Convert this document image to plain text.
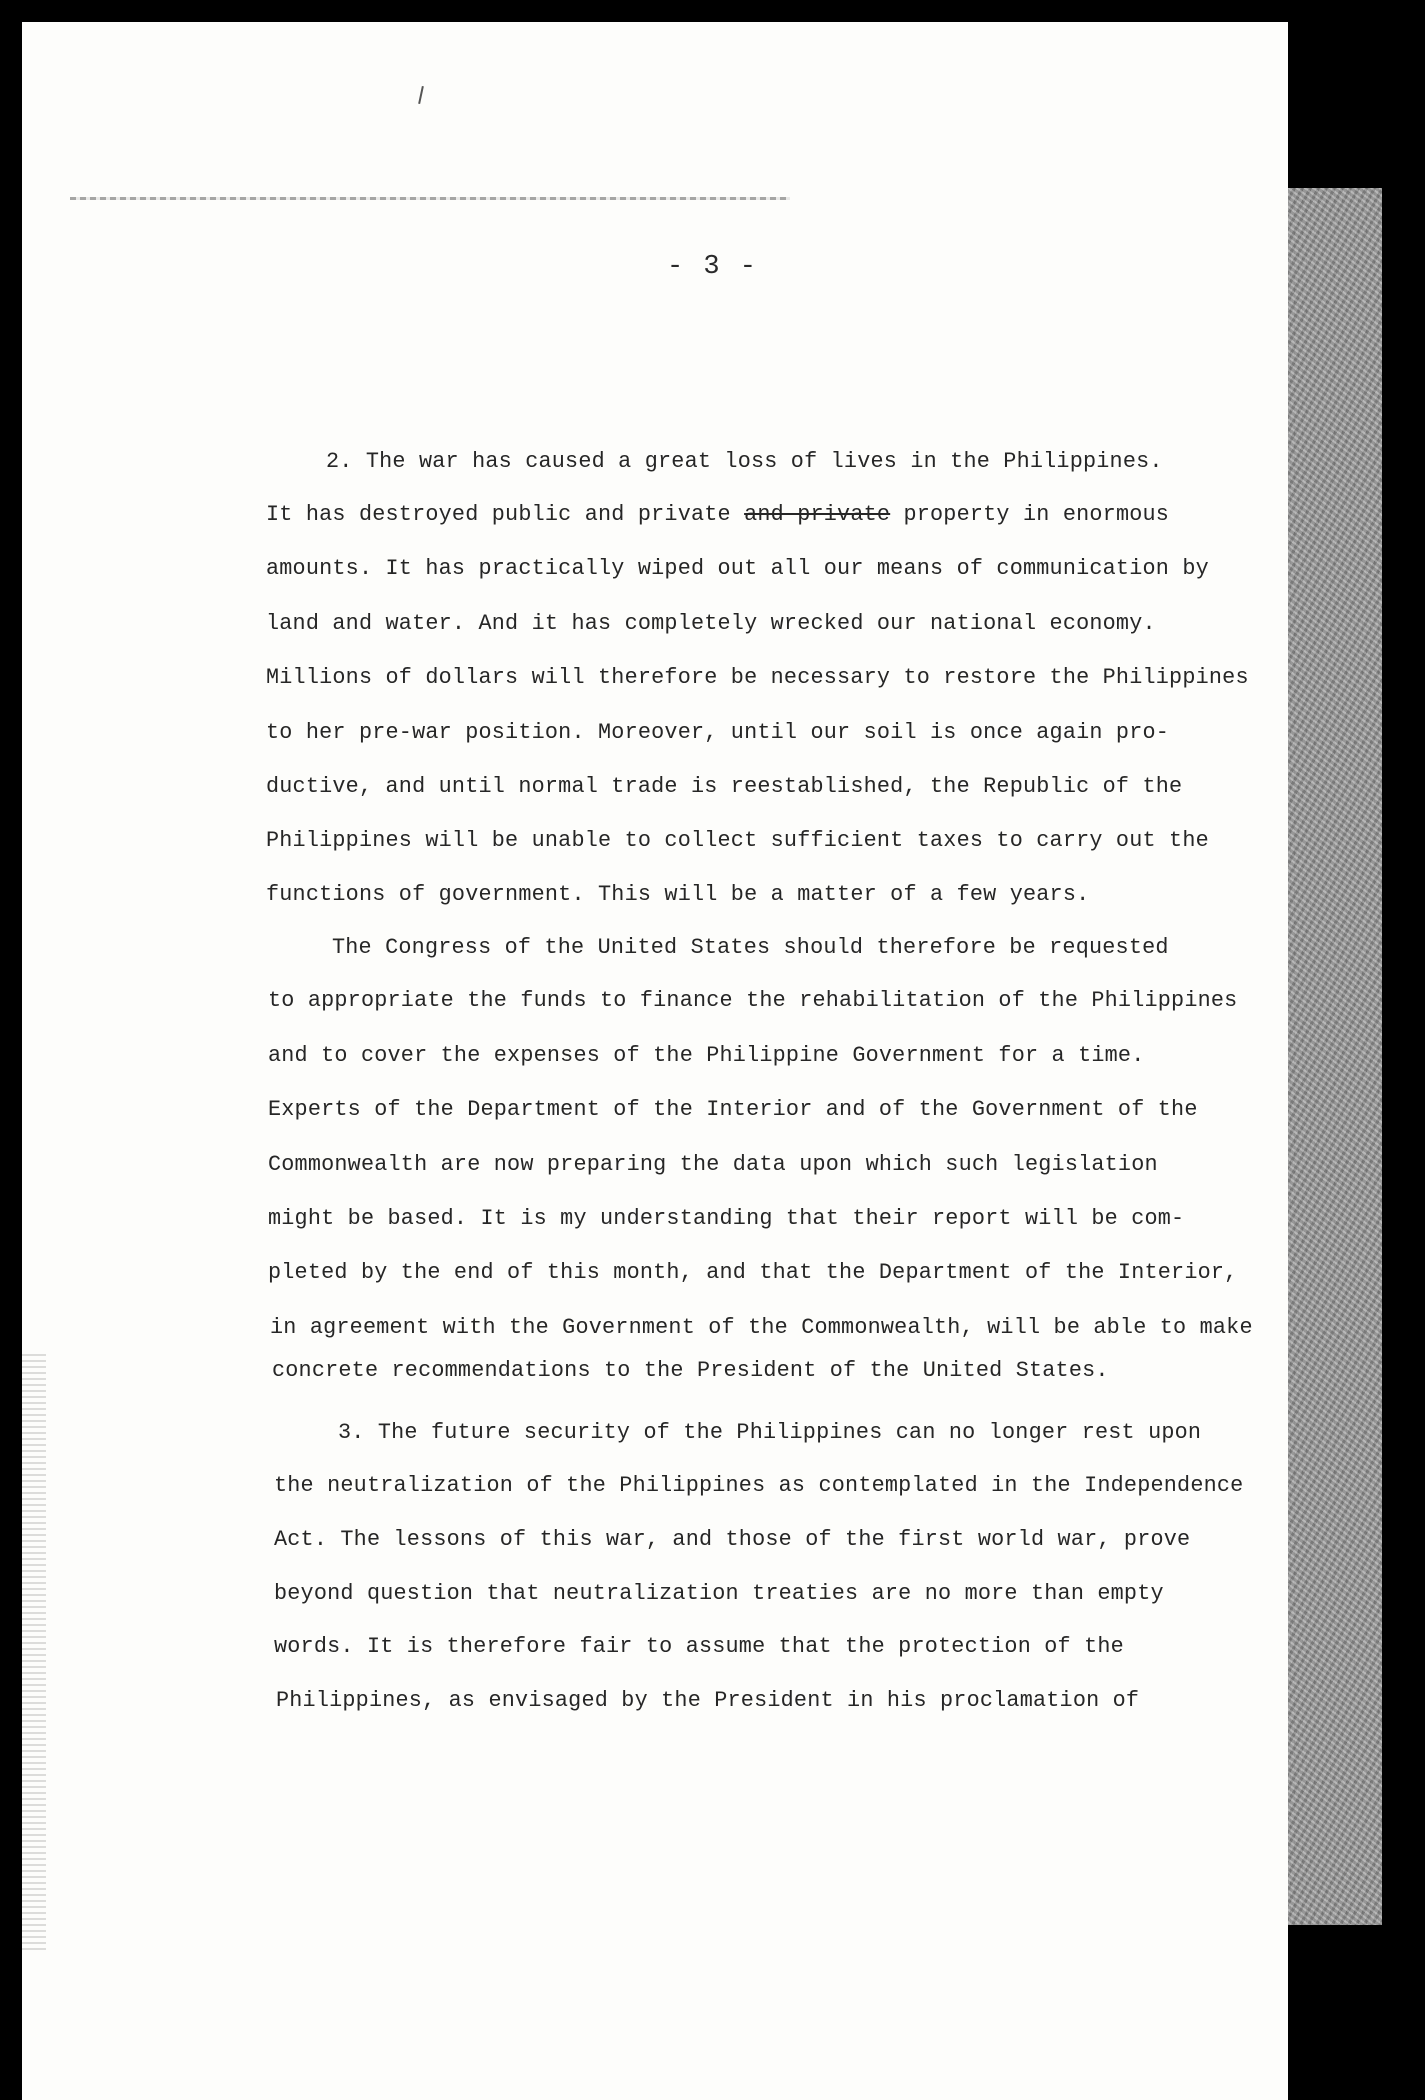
- 3 -
2. The war has caused a great loss of lives in the Philippines.
It has destroyed public and private and private property in enormous
amounts. It has practically wiped out all our means of communication by
land and water. And it has completely wrecked our national economy.
Millions of dollars will therefore be necessary to restore the Philippines
to her pre-war position. Moreover, until our soil is once again pro-
ductive, and until normal trade is reestablished, the Republic of the
Philippines will be unable to collect sufficient taxes to carry out the
functions of government. This will be a matter of a few years.
The Congress of the United States should therefore be requested
to appropriate the funds to finance the rehabilitation of the Philippines
and to cover the expenses of the Philippine Government for a time.
Experts of the Department of the Interior and of the Government of the
Commonwealth are now preparing the data upon which such legislation
might be based. It is my understanding that their report will be com-
pleted by the end of this month, and that the Department of the Interior,
in agreement with the Government of the Commonwealth, will be able to make
concrete recommendations to the President of the United States.
3. The future security of the Philippines can no longer rest upon
the neutralization of the Philippines as contemplated in the Independence
Act. The lessons of this war, and those of the first world war, prove
beyond question that neutralization treaties are no more than empty
words. It is therefore fair to assume that the protection of the
Philippines, as envisaged by the President in his proclamation of
